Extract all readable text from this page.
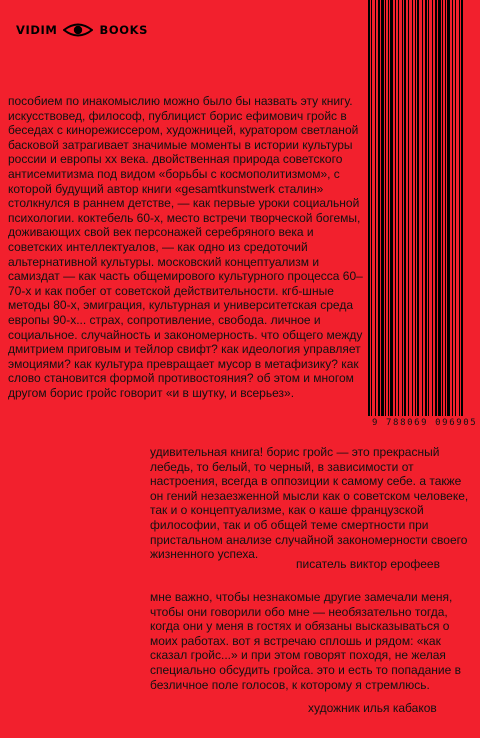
VIDIM	BOOKS
9 788069 096905

пособием по инакомыслию можно было бы назвать эту книгу. искусствовед, философ, публицист борис ефимович гройс в беседах с кинорежиссером, художницей, куратором светланой басковой затрагивает значимые моменты в истории культуры россии и европы xx века. двойственная природа советского антисемитизма под видом «борьбы с космополитизмом», с которой будущий автор книги «gesamtkunstwerk сталин» столкнулся в раннем детстве, — как первые уроки социальной психологии. коктебель 60-х, место встречи творческой богемы, доживающих свой век персонажей серебряного века и советских интеллектуалов, — как одно из средоточий альтернативной культуры. московский концептуализм и самиздат — как часть общемирового культурного процесса 60–70-х и как побег от советской действительности. кгб-шные методы 80-х, эмиграция, культурная и университетская среда европы 90-х... страх, сопротивление, свобода. личное и социальное. случайность и закономерность. что общего между дмитрием приговым и тейлор свифт? как идеология управляет эмоциями? как культура превращает мусор в метафизику? как слово становится формой противостояния? об этом и многом другом борис гройс говорит «и в шутку, и всерьез».

удивительная книга! борис гройс — это прекрасный лебедь, то белый, то черный, в зависимости от настроения, всегда в оппозиции к самому себе. а также он гений незаезженной мысли как о советском человеке, так и о концептуализме, как о каше французской философии, так и об общей теме смертности при пристальном анализе случайной закономерности своего жизненного успеха.

писатель виктор ерофеев

мне важно, чтобы незнакомые другие замечали меня, чтобы они говорили обо мне — необязательно тогда, когда они у меня в гостях и обязаны высказываться о моих работах. вот я встречаю сплошь и рядом: «как сказал гройс...» и при этом говорят походя, не желая специально обсудить гройса. это и есть то попадание в безличное поле голосов, к которому я стремлюсь.

художник илья кабаков
